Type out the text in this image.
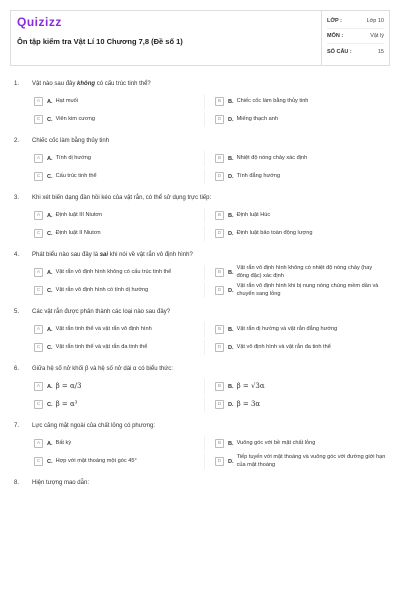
Quizizz
Ôn tập kiểm tra Vật Lí 10 Chương 7,8 (Đề số 1)
LỚP :	Lớp 10
MÔN :	Vật lý
SỐ CÂU :	15
1.	Vật nào sau đây không có cấu trúc tinh thể?
A	A. Hạt muối	B	B. Chiếc cốc làm bằng thủy tinh
C	C. Viên kim cương	D	D. Miếng thạch anh
2.	Chiếc cốc làm bằng thủy tinh
A	A. Tính dị hướng	B	B. Nhiệt độ nóng chảy xác định
C	C. Cấu trúc tinh thể	D	D. Tính đẳng hướng
3.	Khi xét biến dạng đàn hồi kéo của vật rắn, có thể sử dụng trực tiếp:
A	A. Định luật III Niutơn	B	B. Định luật Húc
C	C. Định luật II Niutơn	D	D. Định luật bảo toàn động lượng
4.	Phát biểu nào sau đây là sai khi nói về vật rắn vô định hình?
A	A. Vật rắn vô định hình không có cấu trúc tinh thể	B	B.
Vật rắn vô định hình không có nhiệt độ nóng chảy (hay đông đặc) xác định
C	C. Vật rắn vô định hình có tính dị hướng	D	D.
Vật rắn vô định hình khi bị nung nóng chúng mềm dần và chuyển sang lỏng
5.	Các vật rắn được phân thành các loại nào sau đây?
A	A. Vật rắn tinh thể và vật rắn vô định hình	B	B. Vật rắn dị hướng và vật rắn đẳng hướng
C	C. Vật rắn tinh thể và vật rắn đa tinh thể	D	D. Vật vô định hình và vật rắn đa tinh thể
6.	Giữa hệ số nở khối β và hệ số nở dài α có biểu thức:
A	A. β = α/3	B	B. β = √3α
C	C. β = α³	D	D. β = 3α
7.	Lực căng mặt ngoài của chất lỏng có phương:
A	A. Bất kỳ	B	B. Vuông góc với bề mặt chất lỏng
C	C. Hợp với mặt thoáng một góc 45°	D	D.
Tiếp tuyến với mặt thoáng và vuông góc với đường giới hạn của mặt thoáng
8.	Hiện tượng mao dẫn:
